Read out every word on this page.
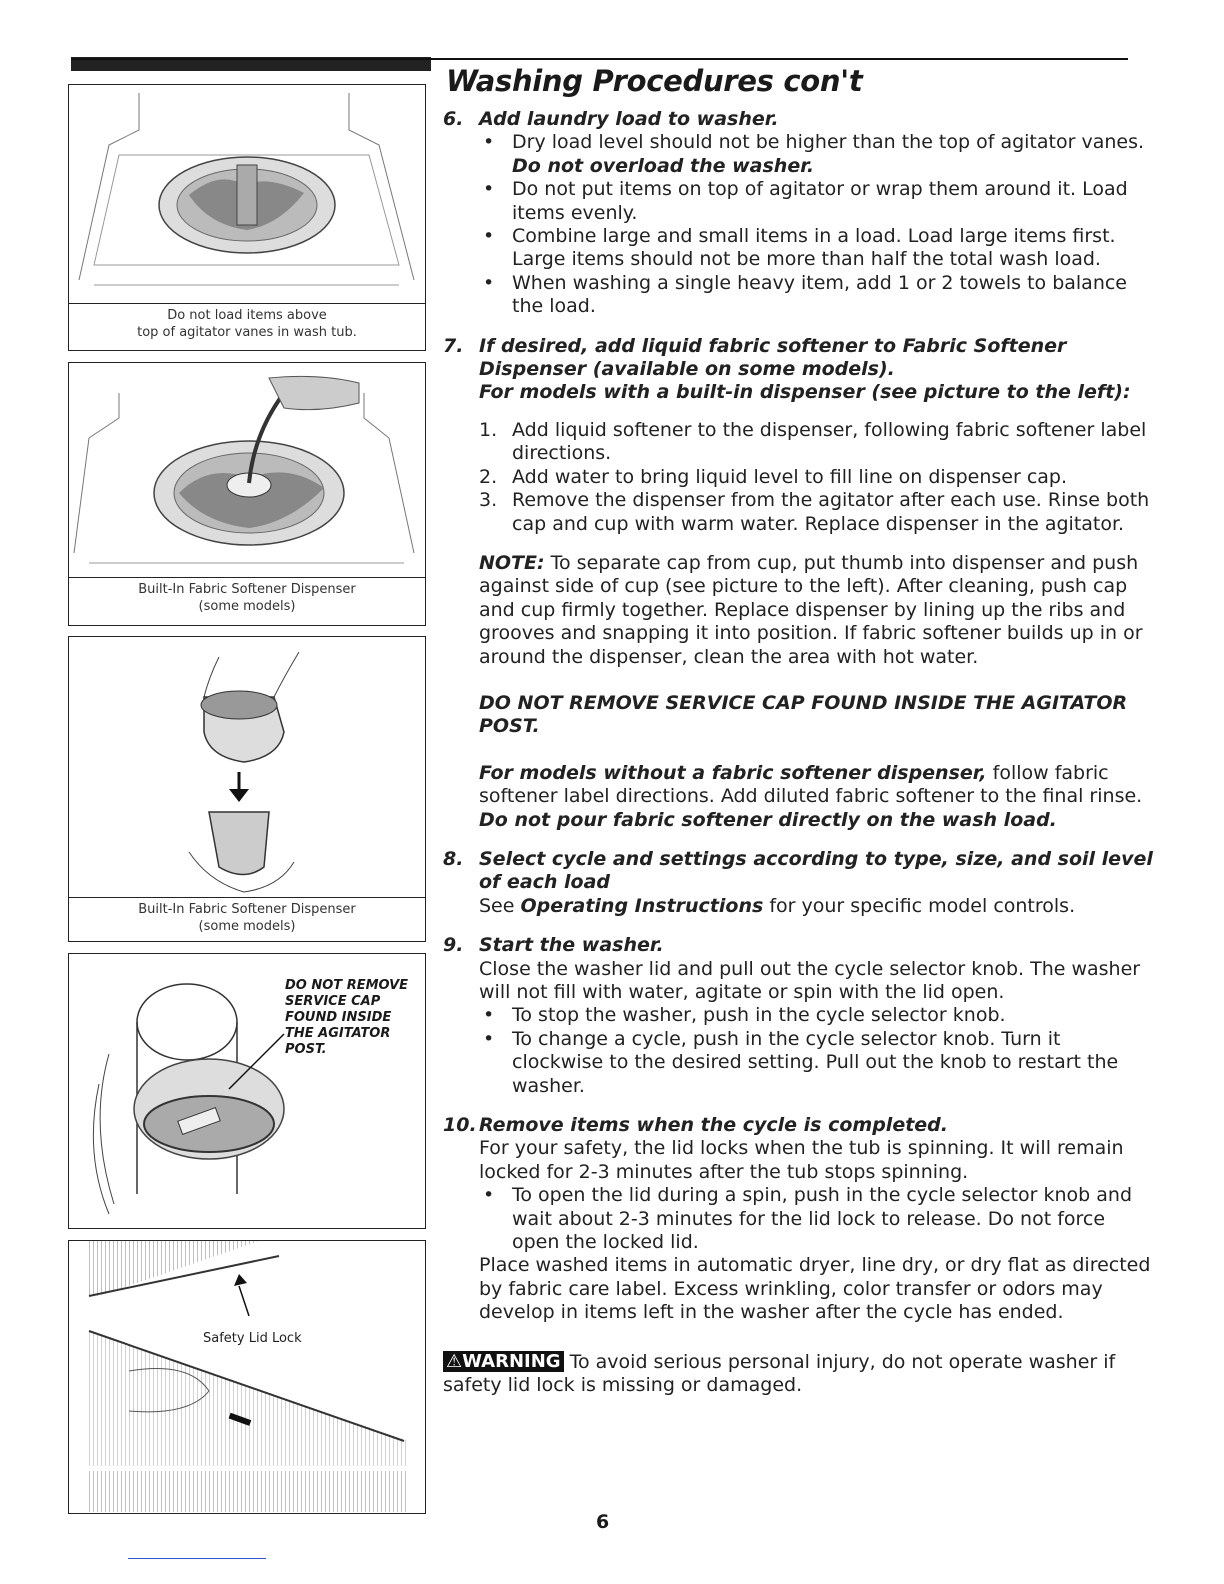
Do not load items above
top of agitator vanes in wash tub.
Built-In Fabric Softener Dispenser
(some models)
Built-In Fabric Softener Dispenser
(some models)
DO NOT REMOVE
SERVICE CAP
FOUND INSIDE
THE AGITATOR
POST.
Safety Lid Lock
Washing Procedures con't
6. Add laundry load to washer.
• Dry load level should not be higher than the top of agitator vanes.
Do not overload the washer.
• Do not put items on top of agitator or wrap them around it. Load items evenly.
• Combine large and small items in a load. Load large items first. Large items should not be more than half the total wash load.
• When washing a single heavy item, add 1 or 2 towels to balance the load.
7. If desired, add liquid fabric softener to Fabric Softener Dispenser (available on some models).
For models with a built-in dispenser (see picture to the left):
1. Add liquid softener to the dispenser, following fabric softener label directions.
2. Add water to bring liquid level to fill line on dispenser cap.
3. Remove the dispenser from the agitator after each use. Rinse both cap and cup with warm water. Replace dispenser in the agitator.

NOTE: To separate cap from cup, put thumb into dispenser and push against side of cup (see picture to the left). After cleaning, push cap and cup firmly together. Replace dispenser by lining up the ribs and grooves and snapping it into position. If fabric softener builds up in or around the dispenser, clean the area with hot water.

DO NOT REMOVE SERVICE CAP FOUND INSIDE THE AGITATOR POST.

For models without a fabric softener dispenser, follow fabric softener label directions. Add diluted fabric softener to the final rinse. Do not pour fabric softener directly on the wash load.

8. Select cycle and settings according to type, size, and soil level of each load
See Operating Instructions for your specific model controls.
9. Start the washer.
Close the washer lid and pull out the cycle selector knob. The washer will not fill with water, agitate or spin with the lid open.
• To stop the washer, push in the cycle selector knob.
• To change a cycle, push in the cycle selector knob. Turn it clockwise to the desired setting. Pull out the knob to restart the washer.
10. Remove items when the cycle is completed.
For your safety, the lid locks when the tub is spinning. It will remain locked for 2-3 minutes after the tub stops spinning.
• To open the lid during a spin, push in the cycle selector knob and wait about 2-3 minutes for the lid lock to release. Do not force open the locked lid.
Place washed items in automatic dryer, line dry, or dry flat as directed by fabric care label. Excess wrinkling, color transfer or odors may develop in items left in the washer after the cycle has ended.

⚠WARNING To avoid serious personal injury, do not operate washer if safety lid lock is missing or damaged.

6
